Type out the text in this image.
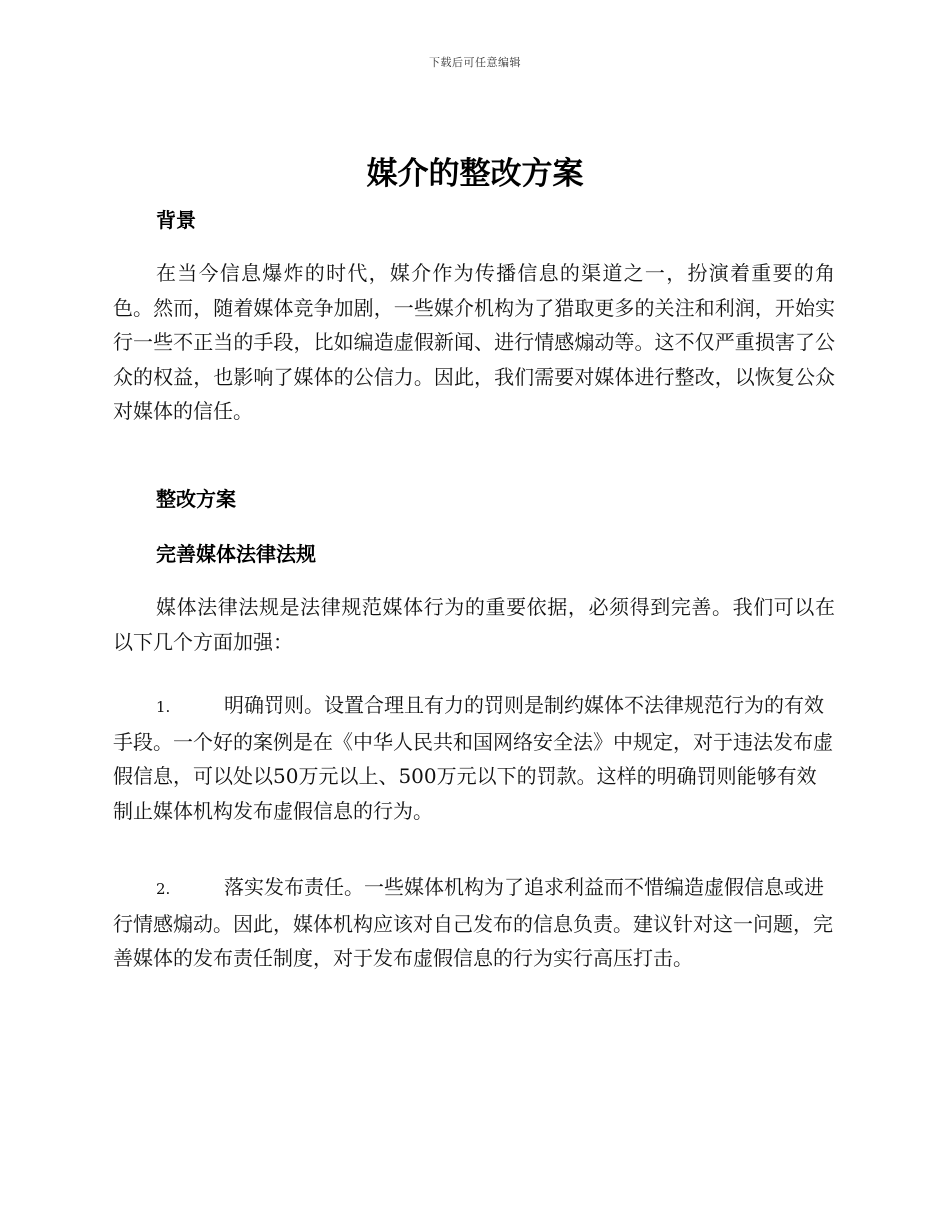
下载后可任意编辑
媒介的整改方案
背景

在当今信息爆炸的时代，媒介作为传播信息的渠道之一，扮演着重要的角色。然而，随着媒体竞争加剧，一些媒介机构为了猎取更多的关注和利润，开始实行一些不正当的手段，比如编造虚假新闻、进行情感煽动等。这不仅严重损害了公众的权益，也影响了媒体的公信力。因此，我们需要对媒体进行整改，以恢复公众对媒体的信任。

整改方案
完善媒体法律法规

媒体法律法规是法律规范媒体行为的重要依据，必须得到完善。我们可以在以下几个方面加强：

1.	明确罚则。设置合理且有力的罚则是制约媒体不法律规范行为的有效手段。一个好的案例是在《中华人民共和国网络安全法》中规定，对于违法发布虚假信息，可以处以50万元以上、500万元以下的罚款。这样的明确罚则能够有效制止媒体机构发布虚假信息的行为。

2.	落实发布责任。一些媒体机构为了追求利益而不惜编造虚假信息或进行情感煽动。因此，媒体机构应该对自己发布的信息负责。建议针对这一问题，完善媒体的发布责任制度，对于发布虚假信息的行为实行高压打击。
